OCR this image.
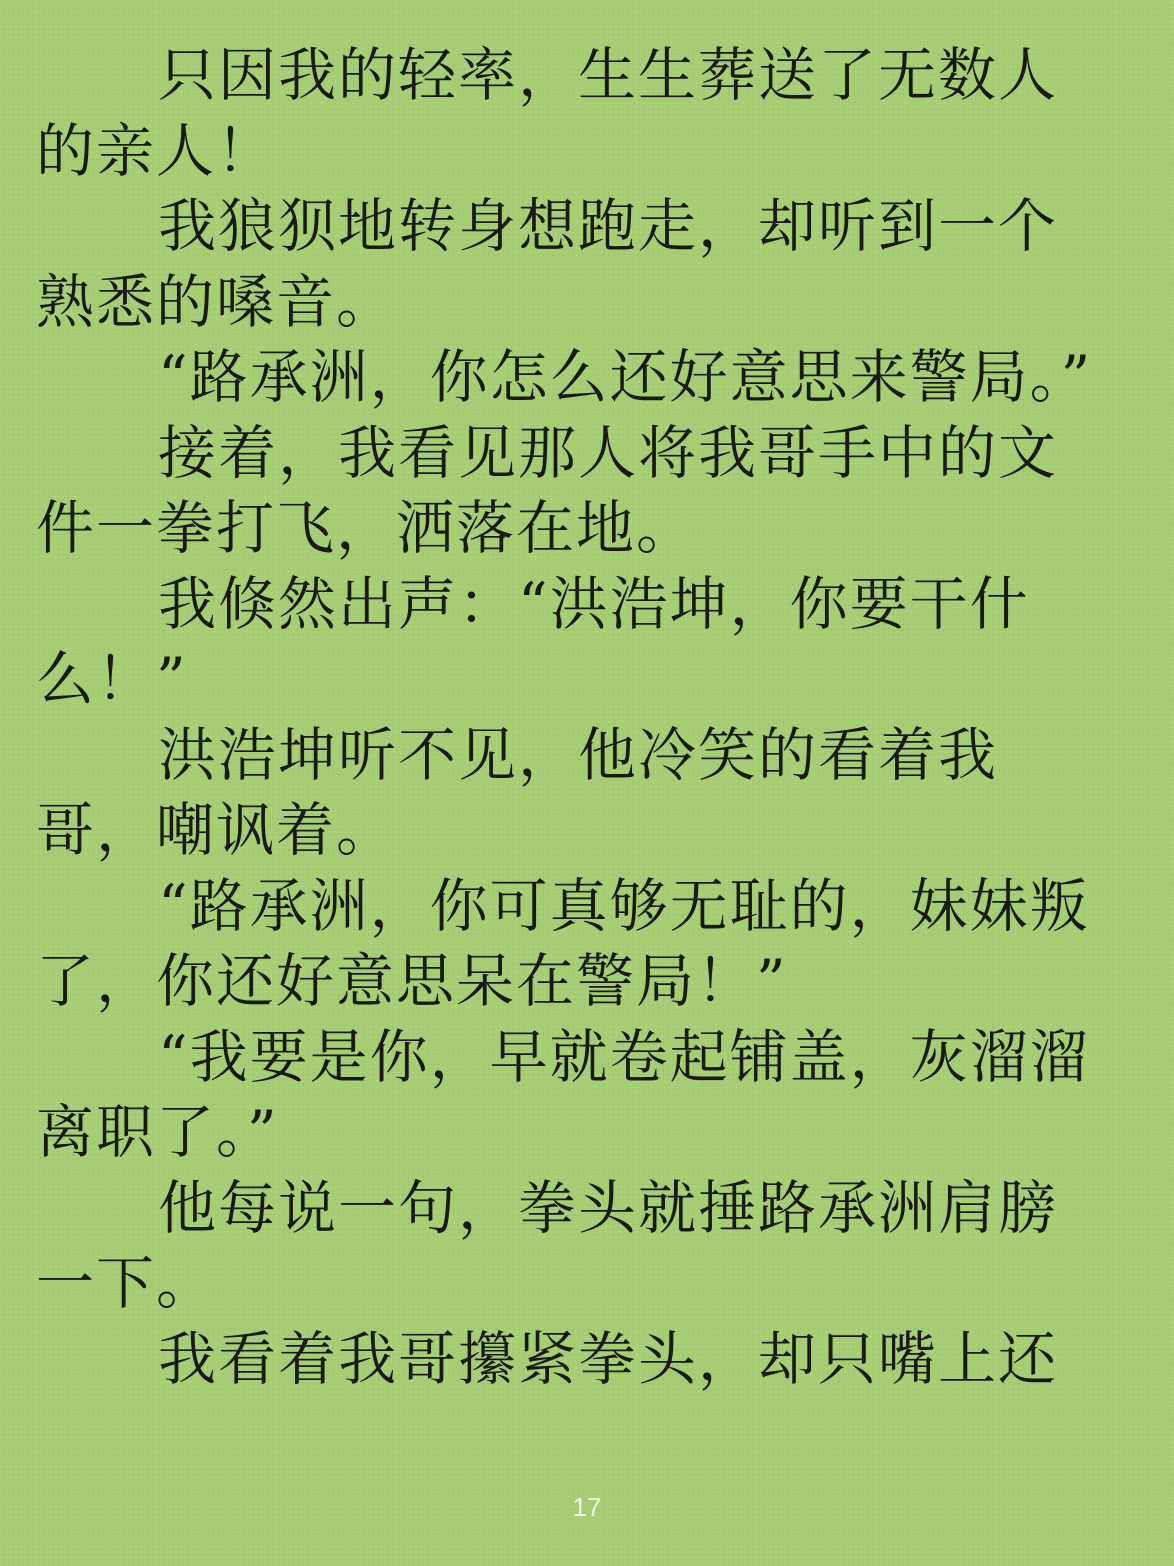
只因我的轻率，生生葬送了无数人的亲人！

我狼狈地转身想跑走，却听到一个熟悉的嗓音。

“路承洲，你怎么还好意思来警局。”

接着，我看见那人将我哥手中的文件一拳打飞，洒落在地。

我倏然出声：“洪浩坤，你要干什么！”

洪浩坤听不见，他冷笑的看着我哥，嘲讽着。

“路承洲，你可真够无耻的，妹妹叛了，你还好意思呆在警局！”

“我要是你，早就卷起铺盖，灰溜溜离职了。”

他每说一句，拳头就捶路承洲肩膀一下。

我看着我哥攥紧拳头，却只嘴上还

17
